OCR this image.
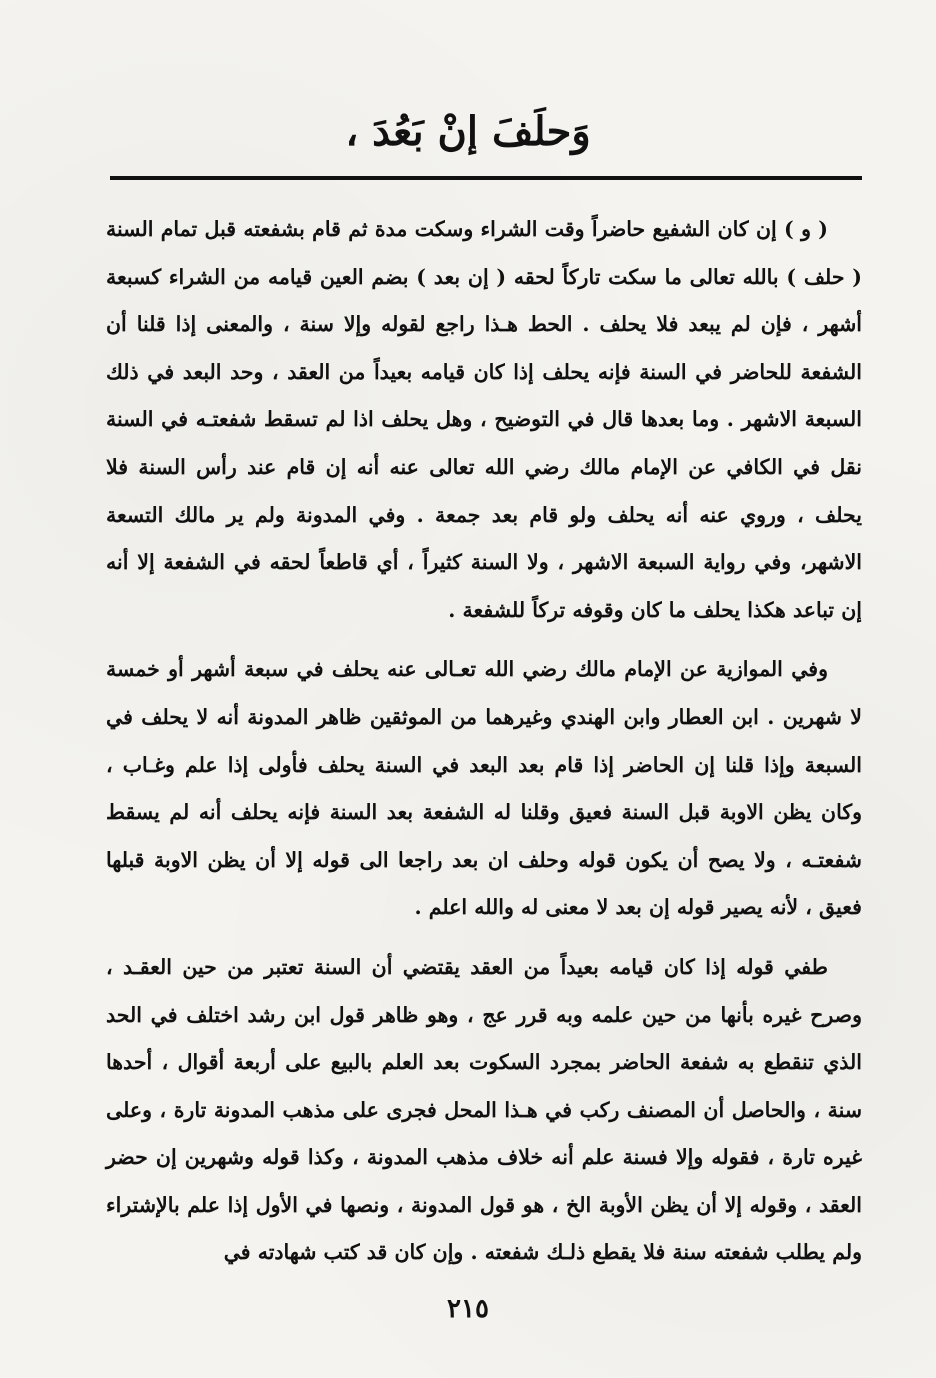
وَحلَفَ إنْ بَعُدَ ،

( و ) إن كان الشفيع حاضراً وقت الشراء وسكت مدة ثم قام بشفعته قبل تمام السنة ( حلف ) بالله تعالى ما سكت تاركاً لحقه ( إن بعد ) بضم العين قيامه من الشراء كسبعة أشهر ، فإن لم يبعد فلا يحلف . الحط هـذا راجع لقوله وإلا سنة ، والمعنى إذا قلنا أن الشفعة للحاضر في السنة فإنه يحلف إذا كان قيامه بعيداً من العقد ، وحد البعد في ذلك السبعة الاشهر . وما بعدها قال في التوضيح ، وهل يحلف اذا لم تسقط شفعتـه في السنة نقل في الكافي عن الإمام مالك رضي الله تعالى عنه أنه إن قام عند رأس السنة فلا يحلف ، وروي عنه أنه يحلف ولو قام بعد جمعة . وفي المدونة ولم ير مالك التسعة الاشهر، وفي رواية السبعة الاشهر ، ولا السنة كثيراً ، أي قاطعاً لحقه في الشفعة إلا أنه إن تباعد هكذا يحلف ما كان وقوفه تركاً للشفعة .

وفي الموازية عن الإمام مالك رضي الله تعـالى عنه يحلف في سبعة أشهر أو خمسة لا شهرين . ابن العطار وابن الهندي وغيرهما من الموثقين ظاهر المدونة أنه لا يحلف في السبعة وإذا قلنا إن الحاضر إذا قام بعد البعد في السنة يحلف فأولى إذا علم وغـاب ، وكان يظن الاوبة قبل السنة فعيق وقلنا له الشفعة بعد السنة فإنه يحلف أنه لم يسقط شفعتـه ، ولا يصح أن يكون قوله وحلف ان بعد راجعا الى قوله إلا أن يظن الاوبة قبلها فعيق ، لأنه يصير قوله إن بعد لا معنى له والله اعلم .

طفي قوله إذا كان قيامه بعيداً من العقد يقتضي أن السنة تعتبر من حين العقـد ، وصرح غيره بأنها من حين علمه وبه قرر عج ، وهو ظاهر قول ابن رشد اختلف في الحد الذي تنقطع به شفعة الحاضر بمجرد السكوت بعد العلم بالبيع على أربعة أقوال ، أحدها سنة ، والحاصل أن المصنف ركب في هـذا المحل فجرى على مذهب المدونة تارة ، وعلى غيره تارة ، فقوله وإلا فسنة علم أنه خلاف مذهب المدونة ، وكذا قوله وشهرين إن حضر العقد ، وقوله إلا أن يظن الأوبة الخ ، هو قول المدونة ، ونصها في الأول إذا علم بالإشتراء ولم يطلب شفعته سنة فلا يقطع ذلـك شفعته . وإن كان قد كتب شهادته في

٢١٥
